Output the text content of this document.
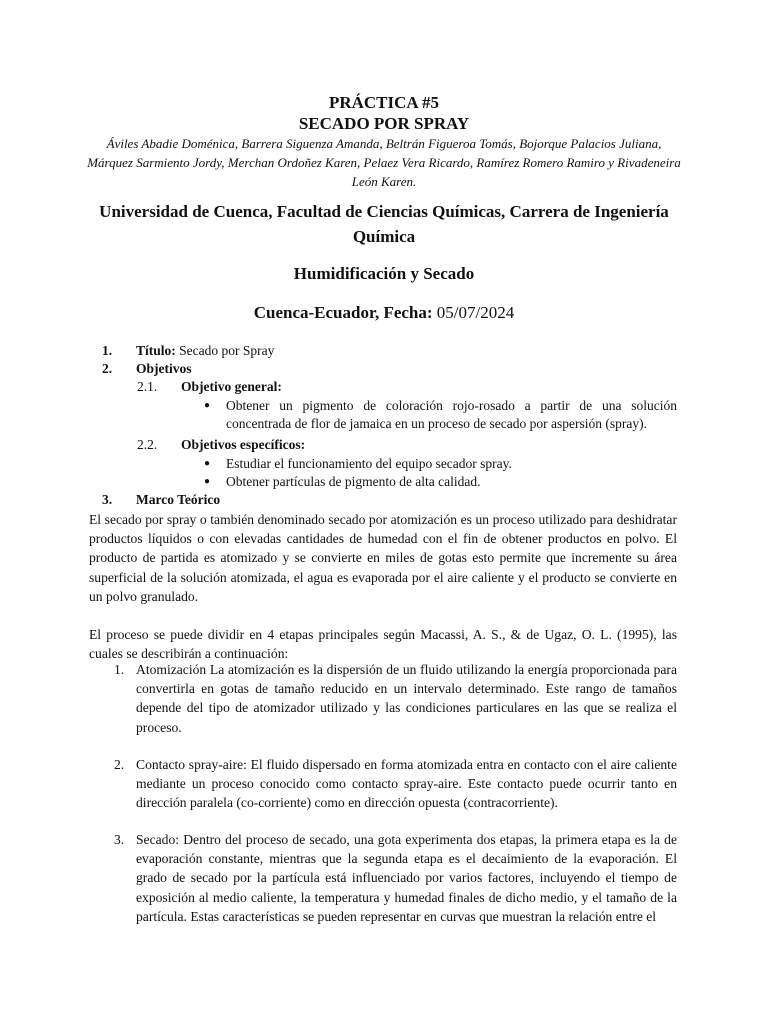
PRÁCTICA #5
SECADO POR SPRAY
Áviles Abadie Doménica, Barrera Siguenza Amanda, Beltrán Figueroa Tomás, Bojorque Palacios Juliana, Márquez Sarmiento Jordy, Merchan Ordoñez Karen, Pelaez Vera Ricardo, Ramírez Romero Ramiro y Rivadeneira León Karen.
Universidad de Cuenca, Facultad de Ciencias Químicas, Carrera de Ingeniería Química
Humidificación y Secado
Cuenca-Ecuador, Fecha: 05/07/2024
1. Título: Secado por Spray
2. Objetivos
2.1. Objetivo general:
● Obtener un pigmento de coloración rojo-rosado a partir de una solución concentrada de flor de jamaica en un proceso de secado por aspersión (spray).
2.2. Objetivos específicos:
● Estudiar el funcionamiento del equipo secador spray.
● Obtener partículas de pigmento de alta calidad.
3. Marco Teórico
El secado por spray o también denominado secado por atomización es un proceso utilizado para deshidratar productos líquidos o con elevadas cantidades de humedad con el fin de obtener productos en polvo. El producto de partida es atomizado y se convierte en miles de gotas esto permite que incremente su área superficial de la solución atomizada, el agua es evaporada por el aire caliente y el producto se convierte en un polvo granulado.
El proceso se puede dividir en 4 etapas principales según Macassi, A. S., & de Ugaz, O. L. (1995), las cuales se describirán a continuación:
1. Atomización La atomización es la dispersión de un fluido utilizando la energía proporcionada para convertirla en gotas de tamaño reducido en un intervalo determinado. Este rango de tamaños depende del tipo de atomizador utilizado y las condiciones particulares en las que se realiza el proceso.
2. Contacto spray-aire: El fluido dispersado en forma atomizada entra en contacto con el aire caliente mediante un proceso conocido como contacto spray-aire. Este contacto puede ocurrir tanto en dirección paralela (co-corriente) como en dirección opuesta (contracorriente).
3. Secado: Dentro del proceso de secado, una gota experimenta dos etapas, la primera etapa es la de evaporación constante, mientras que la segunda etapa es el decaimiento de la evaporación. El grado de secado por la partícula está influenciado por varios factores, incluyendo el tiempo de exposición al medio caliente, la temperatura y humedad finales de dicho medio, y el tamaño de la partícula. Estas características se pueden representar en curvas que muestran la relación entre el
